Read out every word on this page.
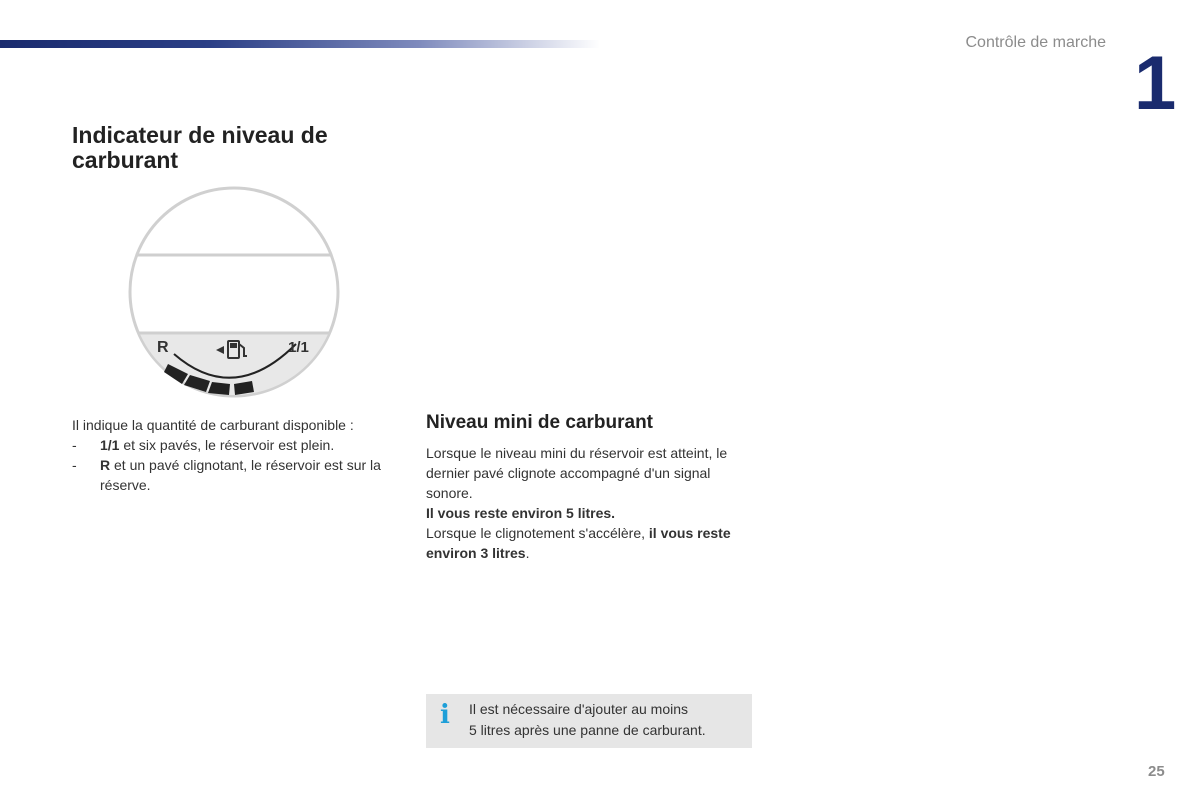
Contrôle de marche 1
Indicateur de niveau de carburant
R	1/1
Il indique la quantité de carburant disponible :
- 1/1 et six pavés, le réservoir est plein.
- R et un pavé clignotant, le réservoir est sur la réserve.
Niveau mini de carburant

Lorsque le niveau mini du réservoir est atteint, le dernier pavé clignote accompagné d'un signal sonore.

Il vous reste environ 5 litres.

Lorsque le clignotement s'accélère, il vous reste environ 3 litres.

i Il est nécessaire d'ajouter au moins
5 litres après une panne de carburant.
25
